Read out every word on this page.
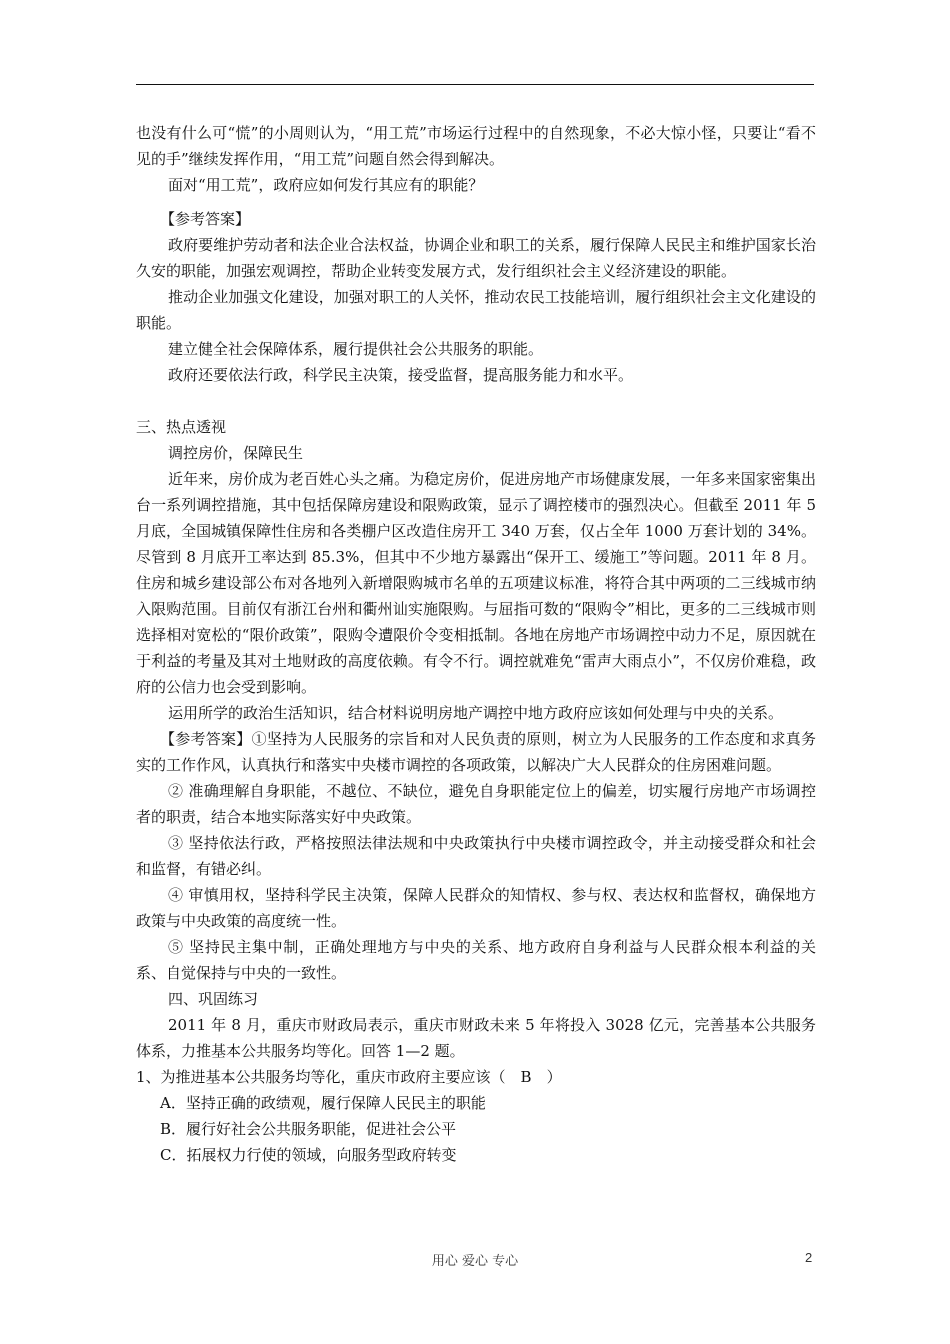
也没有什么可“慌”的小周则认为，“用工荒”市场运行过程中的自然现象，不必大惊小怪，只要让“看不见的手”继续发挥作用，“用工荒”问题自然会得到解决。

面对“用工荒”，政府应如何发行其应有的职能？

【参考答案】

政府要维护劳动者和法企业合法权益，协调企业和职工的关系，履行保障人民民主和维护国家长治久安的职能，加强宏观调控，帮助企业转变发展方式，发行组织社会主义经济建设的职能。

推动企业加强文化建设，加强对职工的人关怀，推动农民工技能培训，履行组织社会主文化建设的职能。

建立健全社会保障体系，履行提供社会公共服务的职能。

政府还要依法行政，科学民主决策，接受监督，提高服务能力和水平。

三、热点透视

调控房价，保障民生

近年来，房价成为老百姓心头之痛。为稳定房价，促进房地产市场健康发展，一年多来国家密集出台一系列调控措施，其中包括保障房建设和限购政策，显示了调控楼市的强烈决心。但截至 2011 年 5 月底，全国城镇保障性住房和各类棚户区改造住房开工 340 万套，仅占全年 1000 万套计划的 34%。尽管到 8 月底开工率达到 85.3%，但其中不少地方暴露出“保开工、缓施工”等问题。2011 年 8 月。住房和城乡建设部公布对各地列入新增限购城市名单的五项建议标准，将符合其中两项的二三线城市纳入限购范围。目前仅有浙江台州和衢州讪实施限购。与屈指可数的“限购令”相比，更多的二三线城市则选择相对宽松的“限价政策”，限购令遭限价令变相抵制。各地在房地产市场调控中动力不足，原因就在于利益的考量及其对土地财政的高度依赖。有令不行。调控就难免“雷声大雨点小”，不仅房价难稳，政府的公信力也会受到影响。

运用所学的政治生活知识，结合材料说明房地产调控中地方政府应该如何处理与中央的关系。

【参考答案】①坚持为人民服务的宗旨和对人民负责的原则，树立为人民服务的工作态度和求真务实的工作作风，认真执行和落实中央楼市调控的各项政策，以解决广大人民群众的住房困难问题。

② 准确理解自身职能，不越位、不缺位，避免自身职能定位上的偏差，切实履行房地产市场调控者的职责，结合本地实际落实好中央政策。

③ 坚持依法行政，严格按照法律法规和中央政策执行中央楼市调控政令，并主动接受群众和社会和监督，有错必纠。

④ 审慎用权，坚持科学民主决策，保障人民群众的知情权、参与权、表达权和监督权，确保地方政策与中央政策的高度统一性。

⑤ 坚持民主集中制，正确处理地方与中央的关系、地方政府自身利益与人民群众根本利益的关系、自觉保持与中央的一致性。

四、巩固练习

2011 年 8 月，重庆市财政局表示，重庆市财政未来 5 年将投入 3028 亿元，完善基本公共服务体系，力推基本公共服务均等化。回答 1—2 题。

1、为推进基本公共服务均等化，重庆市政府主要应该（　B　）

A．坚持正确的政绩观，履行保障人民民主的职能

B．履行好社会公共服务职能，促进社会公平

C．拓展权力行使的领域，向服务型政府转变

用心 爱心 专心	2
